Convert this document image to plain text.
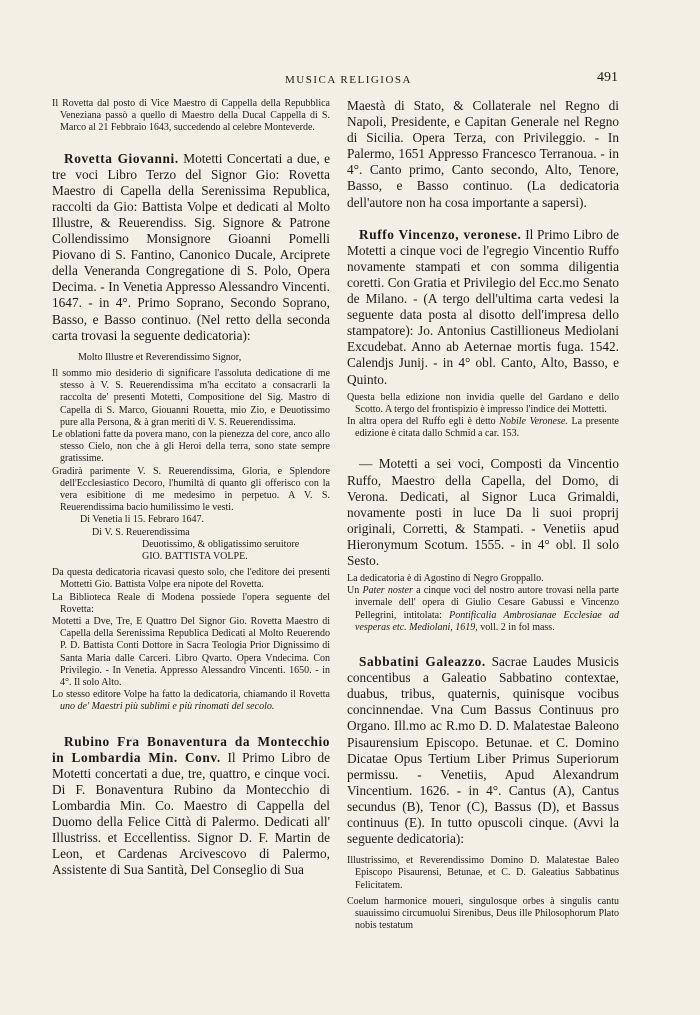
MUSICA RELIGIOSA	491

Il Rovetta dal posto di Vice Maestro di Cappella della Repubblica Veneziana passò a quello di Maestro della Ducal Cappella di S. Marco al 21 Febbraio 1643, succedendo al celebre Monteverde.

Rovetta Giovanni. Motetti Concertati a due, e tre voci Libro Terzo del Signor Gio: Rovetta Maestro di Capella della Serenissima Republica, raccolti da Gio: Battista Volpe et dedicati al Molto Illustre, & Reuerendiss. Sig. Signore & Patrone Collendissimo Monsignore Gioanni Pomelli Piovano di S. Fantino, Canonico Ducale, Arciprete della Veneranda Congregatione di S. Polo, Opera Decima. - In Venetia Appresso Alessandro Vincenti. 1647. - in 4°. Primo Soprano, Secondo Soprano, Basso, e Basso continuo. (Nel retto della seconda carta trovasi la seguente dedicatoria):

Molto Illustre et Reverendissimo Signor,

Il sommo mio desiderio di significare l'assoluta dedicatione di me stesso à V. S. Reuerendissima m'ha eccitato a consacrarli la raccolta de' presenti Motetti, Compositione del Sig. Mastro di Capella di S. Marco, Giouanni Rouetta, mio Zio, e Deuotissimo pure alla Persona, & à gran meriti di V. S. Reuerendissima.

Le oblationi fatte da povera mano, con la pienezza del core, anco allo stesso Cielo, non che à gli Heroi della terra, sono state sempre gratissime.

Gradirà parimente V. S. Reuerendissima, Gloria, e Splendore dell'Ecclesiastico Decoro, l'humiltà di quanto gli offerisco con la vera esibitione di me medesimo in perpetuo. A V. S. Reuerendissima bacio humilissimo le vesti.

Di Venetia li 15. Febraro 1647.

Di V. S. Reuerendissima

Deuotissimo, & obligatissimo seruitore

GIO. BATTISTA VOLPE.

Da questa dedicatoria ricavasi questo solo, che l'editore dei presenti Mottetti Gio. Battista Volpe era nipote del Rovetta.

La Biblioteca Reale di Modena possiede l'opera seguente del Rovetta:

Motetti a Dve, Tre, E Quattro Del Signor Gio. Rovetta Maestro di Capella della Serenissima Republica Dedicati al Molto Reuerendo P. D. Battista Conti Dottore in Sacra Teologia Prior Dignissimo di Santa Maria dalle Carceri. Libro Qvarto. Opera Vndecima. Con Privilegio. - In Venetia. Appresso Alessandro Vincenti. 1650. - in 4°. Il solo Alto.

Lo stesso editore Volpe ha fatto la dedicatoria, chiamando il Rovetta uno de' Maestri più sublimi e più rinomati del secolo.

Rubino Fra Bonaventura da Montecchio in Lombardia Min. Conv. Il Primo Libro de Motetti concertati a due, tre, quattro, e cinque voci. Di F. Bonaventura Rubino da Montecchio di Lombardia Min. Co. Maestro di Cappella del Duomo della Felice Città di Palermo. Dedicati all' Illustriss. et Eccellentiss. Signor D. F. Martin de Leon, et Cardenas Arcivescovo di Palermo, Assistente di Sua Santità, Del Conseglio di Sua

Maestà di Stato, & Collaterale nel Regno di Napoli, Presidente, e Capitan Generale nel Regno di Sicilia. Opera Terza, con Privileggio. - In Palermo, 1651 Appresso Francesco Terranoua. - in 4°. Canto primo, Canto secondo, Alto, Tenore, Basso, e Basso continuo. (La dedicatoria dell'autore non ha cosa importante a sapersi).

Ruffo Vincenzo, veronese. Il Primo Libro de Motetti a cinque voci de l'egregio Vincentio Ruffo novamente stampati et con somma diligentia coretti. Con Gratia et Privilegio del Ecc.mo Senato de Milano. - (A tergo dell'ultima carta vedesi la seguente data posta al disotto dell'impresa dello stampatore): Jo. Antonius Castillioneus Mediolani Excudebat. Anno ab Aeternae mortis fuga. 1542. Calendjs Junij. - in 4° obl. Canto, Alto, Basso, e Quinto.

Questa bella edizione non invidia quelle del Gardano e dello Scotto. A tergo del frontispizio è impresso l'indice dei Mottetti.

In altra opera del Ruffo egli è detto Nobile Veronese. La presente edizione è citata dallo Schmid a car. 153.

— Motetti a sei voci, Composti da Vincentio Ruffo, Maestro della Capella, del Domo, di Verona. Dedicati, al Signor Luca Grimaldi, novamente posti in luce Da li suoi proprij originali, Corretti, & Stampati. - Venetiis apud Hieronymum Scotum. 1555. - in 4° obl. Il solo Sesto.

La dedicatoria è di Agostino di Negro Groppallo.

Un Pater noster a cinque voci del nostro autore trovasi nella parte invernale dell' opera di Giulio Cesare Gabussi e Vincenzo Pellegrini, intitolata: Pontificalia Ambrosianae Ecclesiae ad vesperas etc. Mediolani, 1619, voll. 2 in fol mass.

Sabbatini Galeazzo. Sacrae Laudes Musicis concentibus a Galeatio Sabbatino contextae, duabus, tribus, quaternis, quinisque vocibus concinnendae. Vna Cum Bassus Continuus pro Organo. Ill.mo ac R.mo D. D. Malatestae Baleono Pisaurensium Episcopo. Betunae. et C. Domino Dicatae Opus Tertium Liber Primus Superiorum permissu. - Venetiis, Apud Alexandrum Vincentium. 1626. - in 4°. Cantus (A), Cantus secundus (B), Tenor (C), Bassus (D), et Bassus continuus (E). In tutto opuscoli cinque. (Avvi la seguente dedicatoria):

Illustrissimo, et Reverendissimo Domino D. Malatestae Baleo Episcopo Pisaurensi, Betunae, et C. D. Galeatius Sabbatinus Felicitatem.

Coelum harmonice moueri, singulosque orbes à singulis cantu suauissimo circumuolui Sirenibus, Deus ille Philosophorum Plato nobis testatum
